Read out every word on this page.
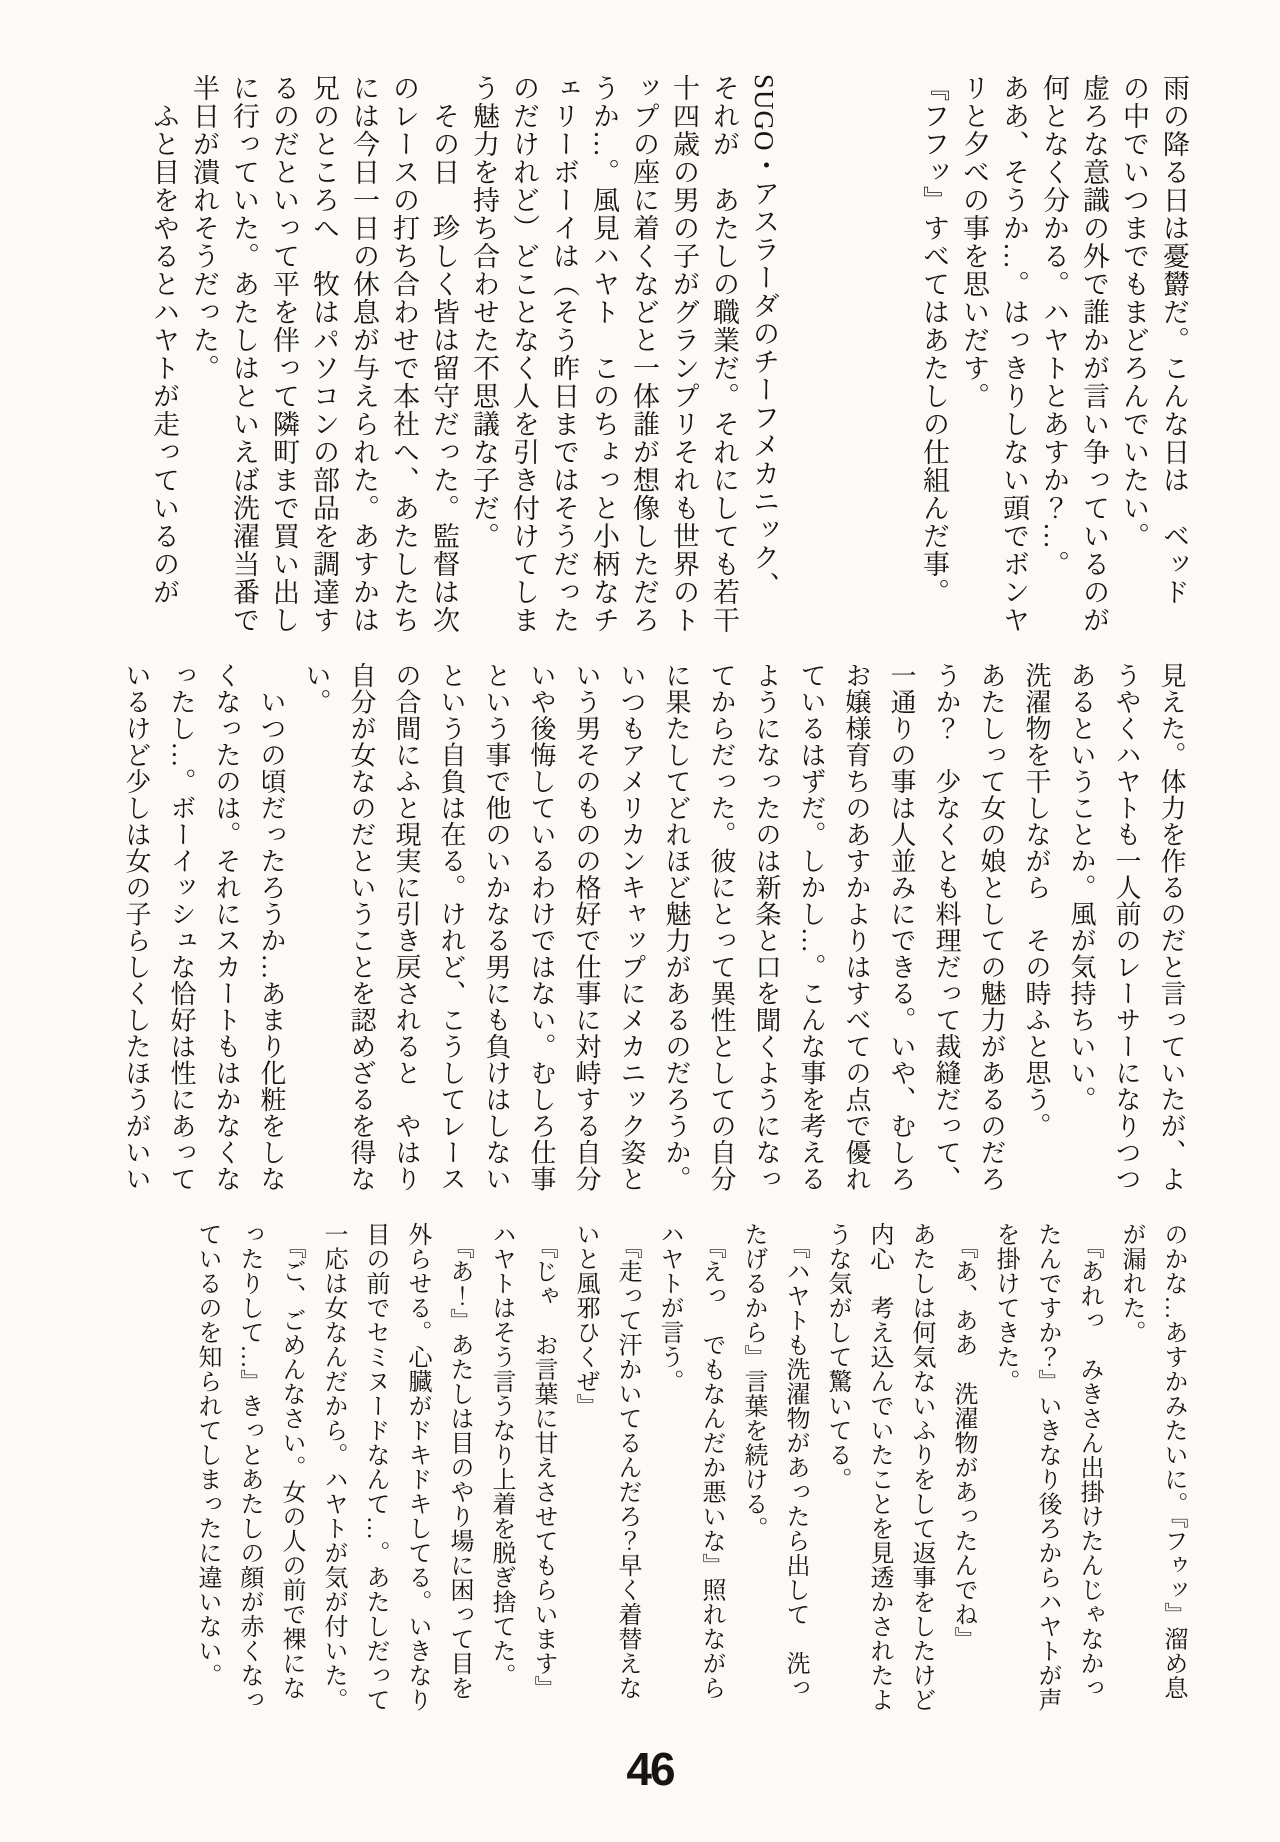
雨の降る日は憂欝だ。こんな日は　ベッド
の中でいつまでもまどろんでいたい。
虚ろな意識の外で誰かが言い争っているのが
何となく分かる。ハヤトとあすか？…。
ああ、そうか…。はっきりしない頭でボンヤ
リと夕べの事を思いだす。
『フフッ』すべてはあたしの仕組んだ事。
SUGO・アスラーダのチーフメカニック、
それが　あたしの職業だ。それにしても若干
十四歳の男の子がグランプリそれも世界のト
ップの座に着くなどと一体誰が想像しただろ
うか…。風見ハヤト　このちょっと小柄なチ
ェリーボーイは（そう昨日まではそうだった
のだけれど）どことなく人を引き付けてしま
う魅力を持ち合わせた不思議な子だ。
　その日　珍しく皆は留守だった。監督は次
のレースの打ち合わせで本社へ、あたしたち
には今日一日の休息が与えられた。あすかは
兄のところへ　牧はパソコンの部品を調達す
るのだといって平を伴って隣町まで買い出し
に行っていた。あたしはといえば洗濯当番で
半日が潰れそうだった。
　ふと目をやるとハヤトが走っているのが
見えた。体力を作るのだと言っていたが、よ
うやくハヤトも一人前のレーサーになりつつ
あるということか。風が気持ちいい。
洗濯物を干しながら　その時ふと思う。
あたしって女の娘としての魅力があるのだろ
うか？　少なくとも料理だって裁縫だって、
一通りの事は人並みにできる。いや、むしろ
お嬢様育ちのあすかよりはすべての点で優れ
ているはずだ。しかし…。こんな事を考える
ようになったのは新条と口を聞くようになっ
てからだった。彼にとって異性としての自分
に果たしてどれほど魅力があるのだろうか。
いつもアメリカンキャップにメカニック姿と
いう男そのものの格好で仕事に対峙する自分
いや後悔しているわけではない。むしろ仕事
という事で他のいかなる男にも負けはしない
という自負は在る。けれど、こうしてレース
の合間にふと現実に引き戻されると　やはり
自分が女なのだということを認めざるを得な
い。
　いつの頃だったろうか…あまり化粧をしな
くなったのは。それにスカートもはかなくな
ったし…。ボーイッシュな恰好は性にあって
いるけど少しは女の子らしくしたほうがいい
のかな…あすかみたいに。『フゥッ』溜め息
が漏れた。
　『あれっ　みきさん出掛けたんじゃなかっ
たんですか？』いきなり後ろからハヤトが声
を掛けてきた。
　『あ、ああ　洗濯物があったんでね』
あたしは何気ないふりをして返事をしたけど
内心　考え込んでいたことを見透かされたよ
うな気がして驚いてる。
　『ハヤトも洗濯物があったら出して　洗っ
たげるから』言葉を続ける。
　『えっ　でもなんだか悪いな』照れながら
ハヤトが言う。
　『走って汗かいてるんだろ？早く着替えな
いと風邪ひくぜ』
　『じゃ　お言葉に甘えさせてもらいます』
ハヤトはそう言うなり上着を脱ぎ捨てた。
　『あ！』あたしは目のやり場に困って目を
外らせる。心臓がドキドキしてる。いきなり
目の前でセミヌードなんて…。あたしだって
一応は女なんだから。ハヤトが気が付いた。
　『ご、ごめんなさい。女の人の前で裸にな
ったりして…』きっとあたしの顔が赤くなっ
ているのを知られてしまったに違いない。
46
